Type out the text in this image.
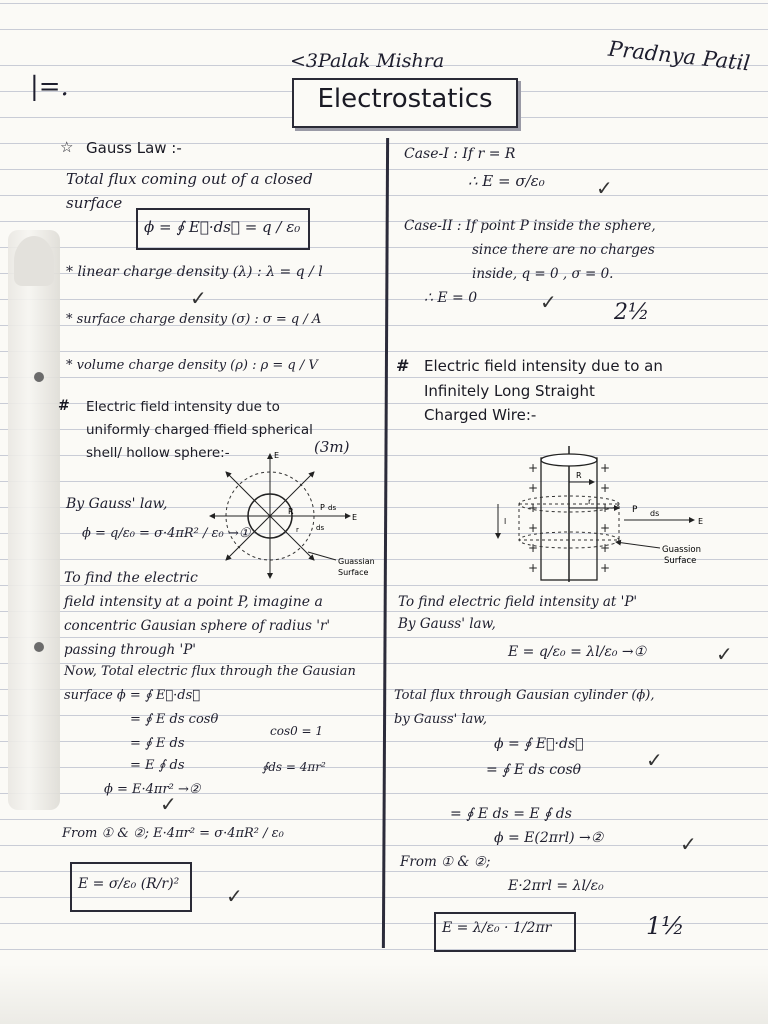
<3Palak Mishra	Pradnya Patil
Electrostatics
|=.
☆ Gauss Law :-
Total flux coming out of a closed
surface
ϕ = ∮ E⃗·ds⃗ = q / ε₀
* linear charge density (λ) : λ = q / l
✓
* surface charge density (σ) : σ = q / A
* volume charge density (ρ) : ρ = q / V
# Electric field intensity due to
uniformly charged ffield spherical
shell/ hollow sphere:-	(3m)
E
P ds
E
R
r ds
Guassian
Surface
By Gauss' law,
ϕ = q/ε₀ = σ·4πR² / ε₀ →①
To find the electric
field intensity at a point P, imagine a
concentric Gausian sphere of radius 'r'
passing through 'P'
Now, Total electric flux through the Gausian
surface ϕ = ∮ E⃗·ds⃗
= ∮ E ds cosθ
= ∮ E ds
= E ∮ ds
ϕ = E·4πr² →②
cos0 = 1
∮ds = 4πr²
✓
From ① & ②; E·4πr² = σ·4πR² / ε₀
E = σ/ε₀ (R/r)² ✓
Case-I : If r = R
∴ E = σ/ε₀	✓
Case-II : If point P inside the sphere,
since there are no charges
inside, q = 0 , σ = 0.
∴ E = 0	✓	2½
# Electric field intensity due to an
Infinitely Long Straight
Charged Wire:-
+
+
+
+
+
+
+
+
+
+
+
+
R
r
l
P ds
E
Guassion
Surface
To find electric field intensity at 'P'
By Gauss' law,
E = q/ε₀ = λl/ε₀ →①	✓
Total flux through Gausian cylinder (ϕ),
by Gauss' law,
ϕ = ∮ E⃗·ds⃗
= ∮ E ds cosθ	✓
= ∮ E ds = E ∮ ds
ϕ = E(2πrl) →②	✓
From ① & ②;
E·2πrl = λl/ε₀
E = λ/ε₀ · 1/2πr	1½
